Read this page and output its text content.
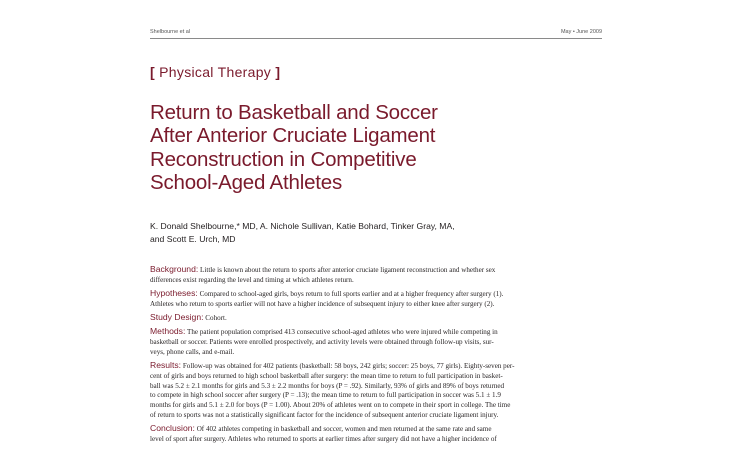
Shelbourne et al	May • June 2009
[ Physical Therapy ]
Return to Basketball and Soccer
After Anterior Cruciate Ligament
Reconstruction in Competitive
School-Aged Athletes
K. Donald Shelbourne,* MD, A. Nichole Sullivan, Katie Bohard, Tinker Gray, MA,
and Scott E. Urch, MD
Background: Little is known about the return to sports after anterior cruciate ligament reconstruction and whether sex
differences exist regarding the level and timing at which athletes return.
Hypotheses: Compared to school-aged girls, boys return to full sports earlier and at a higher frequency after surgery (1).
Athletes who return to sports earlier will not have a higher incidence of subsequent injury to either knee after surgery (2).
Study Design: Cohort.
Methods: The patient population comprised 413 consecutive school-aged athletes who were injured while competing in
basketball or soccer. Patients were enrolled prospectively, and activity levels were obtained through follow-up visits, sur-
veys, phone calls, and e-mail.
Results: Follow-up was obtained for 402 patients (basketball: 58 boys, 242 girls; soccer: 25 boys, 77 girls). Eighty-seven per-
cent of girls and boys returned to high school basketball after surgery: the mean time to return to full participation in basket-
ball was 5.2 ± 2.1 months for girls and 5.3 ± 2.2 months for boys (P = .92). Similarly, 93% of girls and 89% of boys returned
to compete in high school soccer after surgery (P = .13); the mean time to return to full participation in soccer was 5.1 ± 1.9
months for girls and 5.1 ± 2.0 for boys (P = 1.00). About 20% of athletes went on to compete in their sport in college. The time
of return to sports was not a statistically significant factor for the incidence of subsequent anterior cruciate ligament injury.
Conclusion: Of 402 athletes competing in basketball and soccer, women and men returned at the same rate and same
level of sport after surgery. Athletes who returned to sports at earlier times after surgery did not have a higher incidence of
